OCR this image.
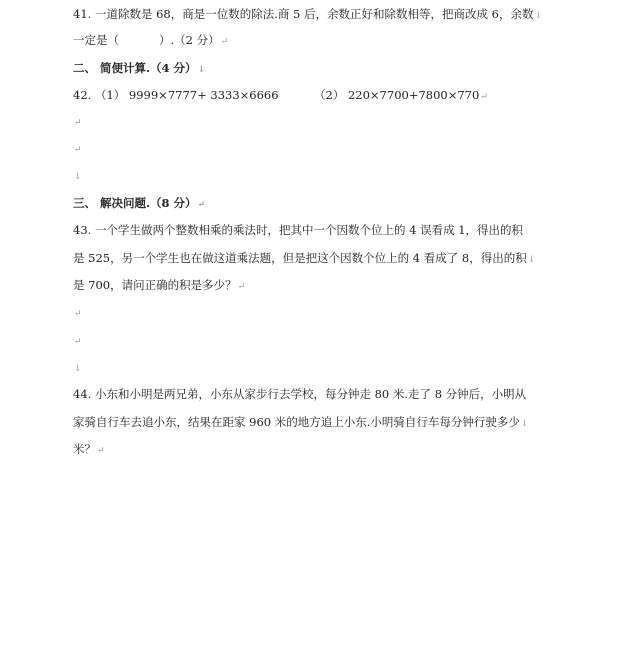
41. 一道除数是 68，商是一位数的除法.商 5 后，余数正好和除数相等，把商改成 6，余数↓
一定是（	）.（2 分）↵
二、 简便计算.（4 分）↓
42. （1） 9999×7777+ 3333×6666	（2） 220×7700+7800×770↵
↵
↵
↓
三、 解决问题.（8 分）↵
43. 一个学生做两个整数相乘的乘法时，把其中一个因数个位上的 4 误看成 1，得出的积
是 525，另一个学生也在做这道乘法题，但是把这个因数个位上的 4 看成了 8，得出的积↓
是 700，请问正确的积是多少？↵
↵
↵
↓
44. 小东和小明是两兄弟，小东从家步行去学校，每分钟走 80 米.走了 8 分钟后，小明从
家骑自行车去追小东，结果在距家 960 米的地方追上小东.小明骑自行车每分钟行驶多少↓
米？↵
